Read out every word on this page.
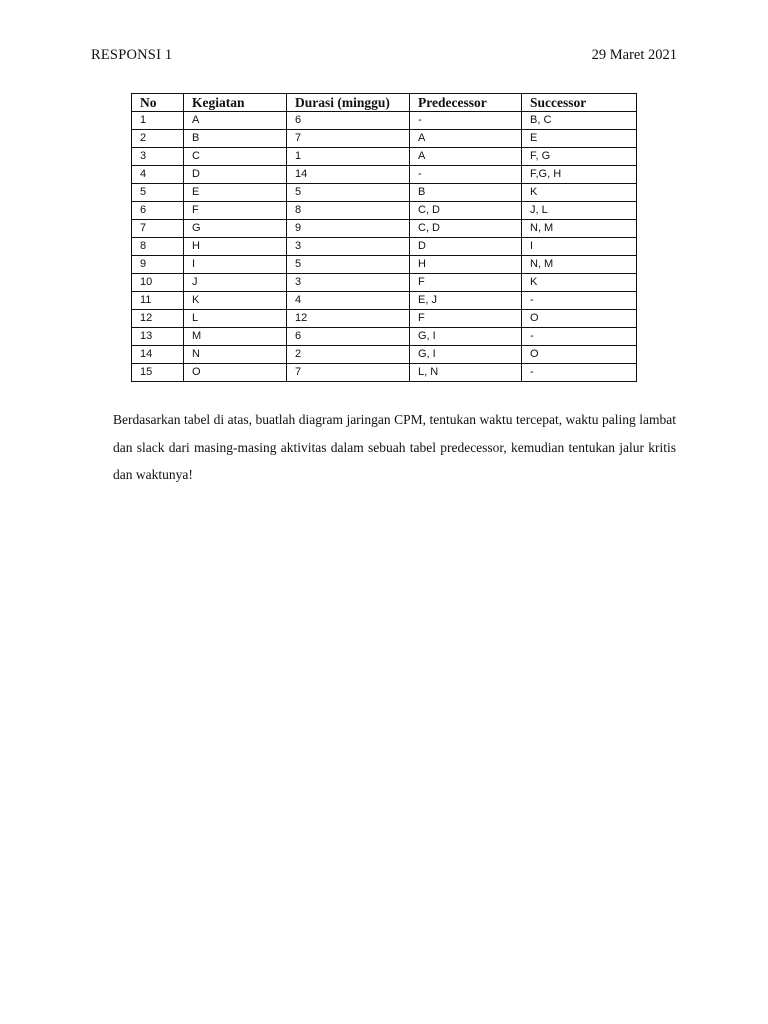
RESPONSI 1	29 Maret 2021
No	Kegiatan	Durasi (minggu)	Predecessor	Successor
1	A	6	-	B, C
2	B	7	A	E
3	C	1	A	F, G
4	D	14	-	F,G, H
5	E	5	B	K
6	F	8	C, D	J, L
7	G	9	C, D	N, M
8	H	3	D	I
9	I	5	H	N, M
10	J	3	F	K
11	K	4	E, J	-
12	L	12	F	O
13	M	6	G, I	-
14	N	2	G, I	O
15	O	7	L, N	-

Berdasarkan tabel di atas, buatlah diagram jaringan CPM, tentukan waktu tercepat, waktu paling lambat dan slack dari masing-masing aktivitas dalam sebuah tabel predecessor, kemudian tentukan jalur kritis dan waktunya!
